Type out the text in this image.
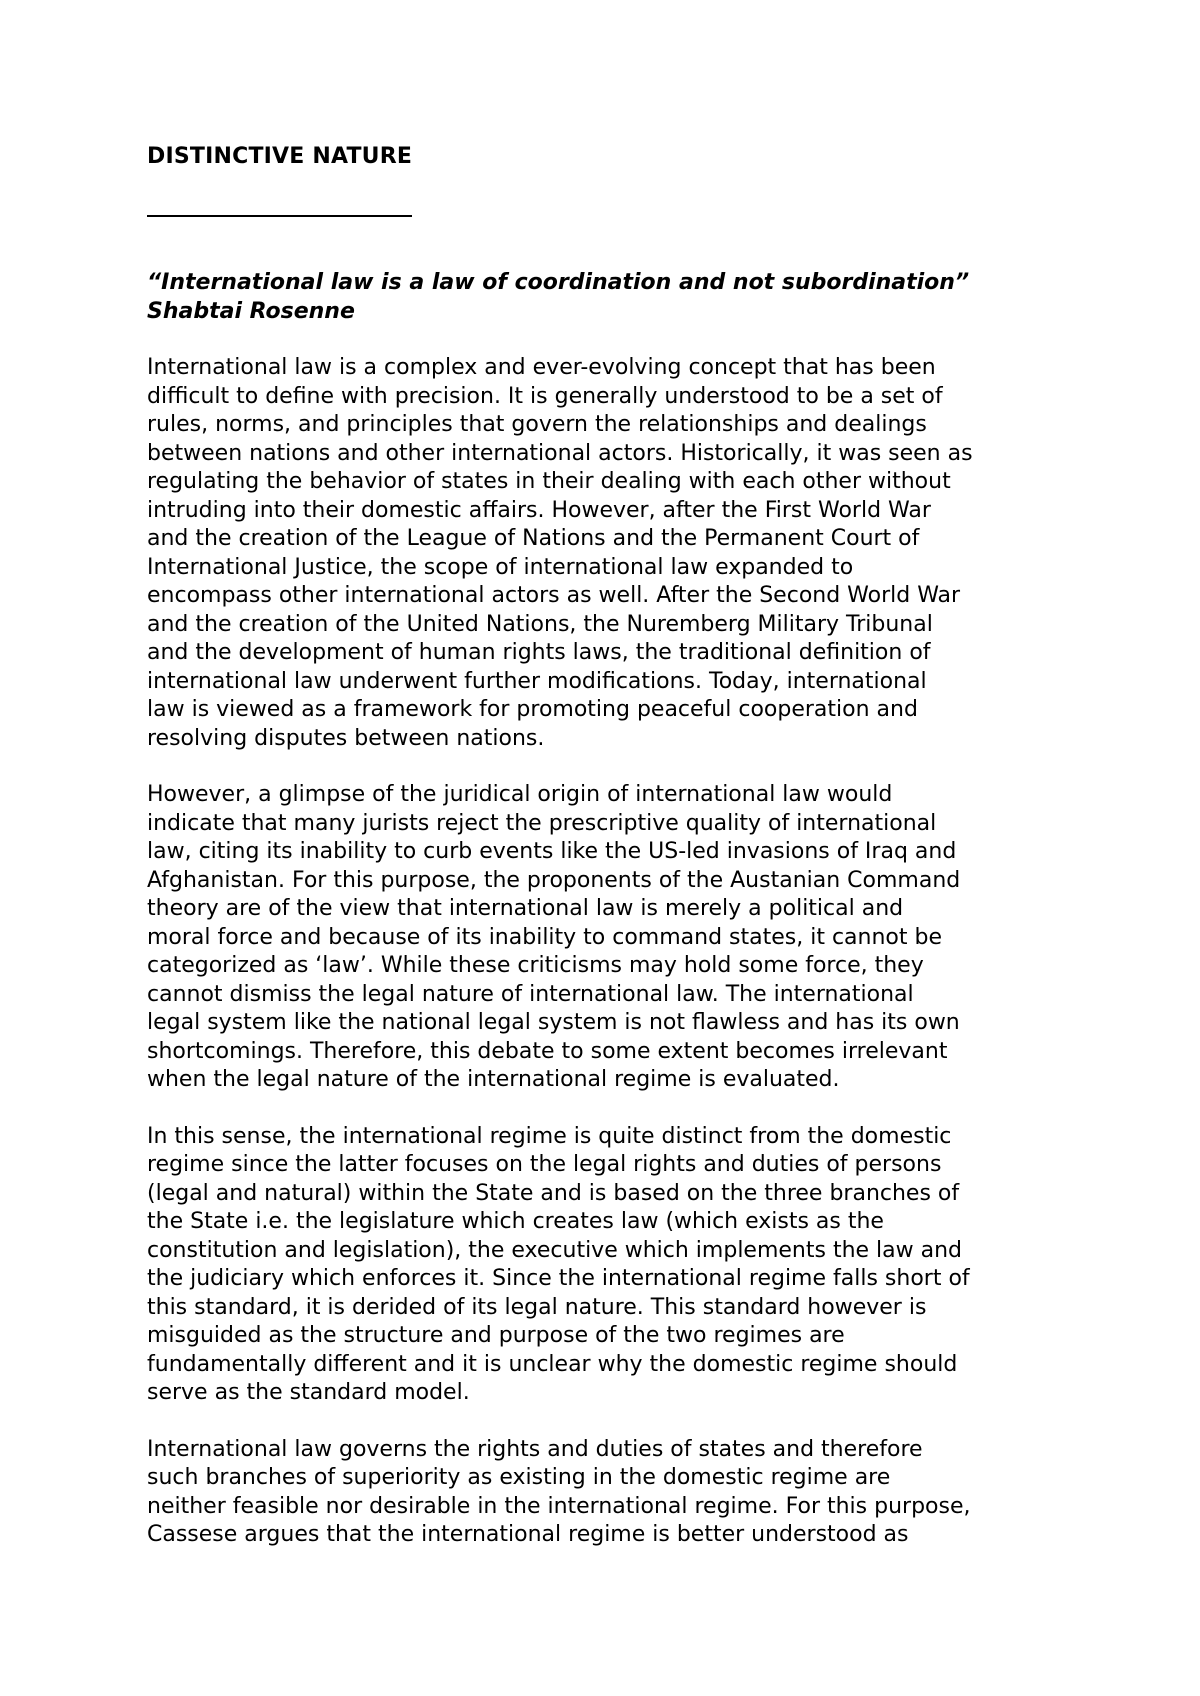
DISTINCTIVE NATURE
“International law is a law of coordination and not subordination”
Shabtai Rosenne
International law is a complex and ever-evolving concept that has been
difficult to define with precision. It is generally understood to be a set of
rules, norms, and principles that govern the relationships and dealings
between nations and other international actors. Historically, it was seen as
regulating the behavior of states in their dealing with each other without
intruding into their domestic affairs. However, after the First World War
and the creation of the League of Nations and the Permanent Court of
International Justice, the scope of international law expanded to
encompass other international actors as well. After the Second World War
and the creation of the United Nations, the Nuremberg Military Tribunal
and the development of human rights laws, the traditional definition of
international law underwent further modifications. Today, international
law is viewed as a framework for promoting peaceful cooperation and
resolving disputes between nations.
However, a glimpse of the juridical origin of international law would
indicate that many jurists reject the prescriptive quality of international
law, citing its inability to curb events like the US-led invasions of Iraq and
Afghanistan. For this purpose, the proponents of the Austanian Command
theory are of the view that international law is merely a political and
moral force and because of its inability to command states, it cannot be
categorized as ‘law’. While these criticisms may hold some force, they
cannot dismiss the legal nature of international law. The international
legal system like the national legal system is not flawless and has its own
shortcomings. Therefore, this debate to some extent becomes irrelevant
when the legal nature of the international regime is evaluated.
In this sense, the international regime is quite distinct from the domestic
regime since the latter focuses on the legal rights and duties of persons
(legal and natural) within the State and is based on the three branches of
the State i.e. the legislature which creates law (which exists as the
constitution and legislation), the executive which implements the law and
the judiciary which enforces it. Since the international regime falls short of
this standard, it is derided of its legal nature. This standard however is
misguided as the structure and purpose of the two regimes are
fundamentally different and it is unclear why the domestic regime should
serve as the standard model.
International law governs the rights and duties of states and therefore
such branches of superiority as existing in the domestic regime are
neither feasible nor desirable in the international regime. For this purpose,
Cassese argues that the international regime is better understood as
